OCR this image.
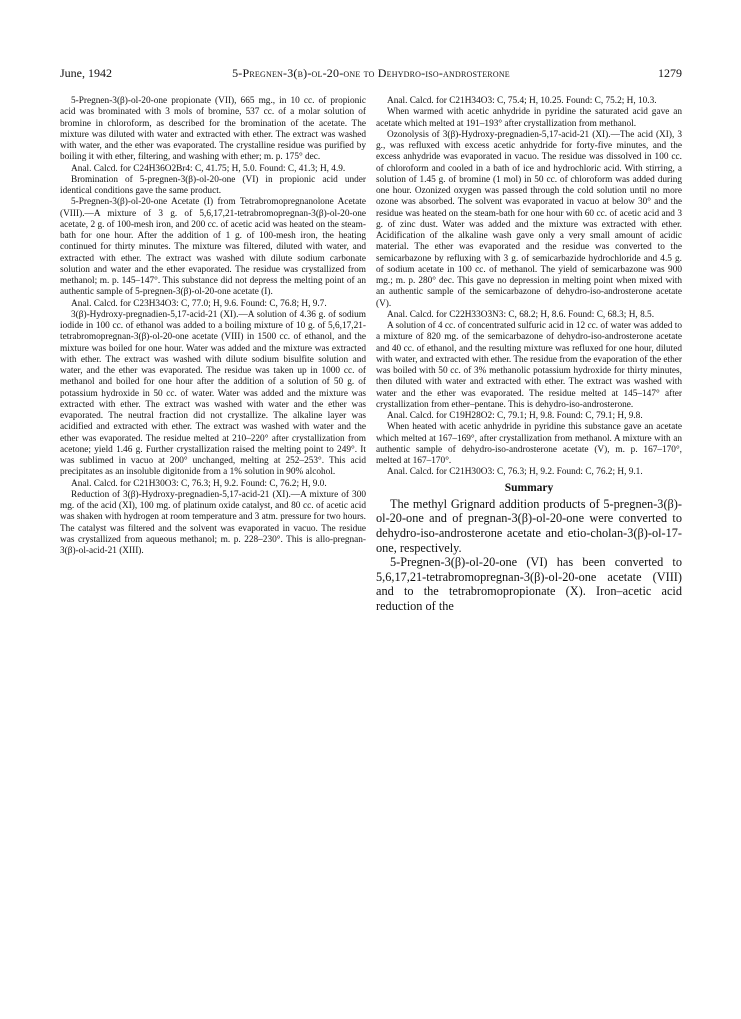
June, 1942	5-Pregnen-3(β)-ol-20-one to Dehydro-iso-androsterone	1279

5-Pregnen-3(β)-ol-20-one propionate (VII), 665 mg., in 10 cc. of propionic acid was brominated with 3 mols of bromine, 537 cc. of a molar solution of bromine in chloroform, as described for the bromination of the acetate. The mixture was diluted with water and extracted with ether. The extract was washed with water, and the ether was evaporated. The crystalline residue was purified by boiling it with ether, filtering, and washing with ether; m. p. 175° dec.

Anal. Calcd. for C24H36O2Br4: C, 41.75; H, 5.0. Found: C, 41.3; H, 4.9.

Bromination of 5-pregnen-3(β)-ol-20-one (VI) in propionic acid under identical conditions gave the same product.

5-Pregnen-3(β)-ol-20-one Acetate (I) from Tetrabromopregnanolone Acetate (VIII).—A mixture of 3 g. of 5,6,17,21-tetrabromopregnan-3(β)-ol-20-one acetate, 2 g. of 100-mesh iron, and 200 cc. of acetic acid was heated on the steam-bath for one hour. After the addition of 1 g. of 100-mesh iron, the heating continued for thirty minutes. The mixture was filtered, diluted with water, and extracted with ether. The extract was washed with dilute sodium carbonate solution and water and the ether evaporated. The residue was crystallized from methanol; m. p. 145–147°. This substance did not depress the melting point of an authentic sample of 5-pregnen-3(β)-ol-20-one acetate (I).

Anal. Calcd. for C23H34O3: C, 77.0; H, 9.6. Found: C, 76.8; H, 9.7.

3(β)-Hydroxy-pregnadien-5,17-acid-21 (XI).—A solution of 4.36 g. of sodium iodide in 100 cc. of ethanol was added to a boiling mixture of 10 g. of 5,6,17,21-tetrabromopregnan-3(β)-ol-20-one acetate (VIII) in 1500 cc. of ethanol, and the mixture was boiled for one hour. Water was added and the mixture was extracted with ether. The extract was washed with dilute sodium bisulfite solution and water, and the ether was evaporated. The residue was taken up in 1000 cc. of methanol and boiled for one hour after the addition of a solution of 50 g. of potassium hydroxide in 50 cc. of water. Water was added and the mixture was extracted with ether. The extract was washed with water and the ether was evaporated. The neutral fraction did not crystallize. The alkaline layer was acidified and extracted with ether. The extract was washed with water and the ether was evaporated. The residue melted at 210–220° after crystallization from acetone; yield 1.46 g. Further crystallization raised the melting point to 249°. It was sublimed in vacuo at 200° unchanged, melting at 252–253°. This acid precipitates as an insoluble digitonide from a 1% solution in 90% alcohol.

Anal. Calcd. for C21H30O3: C, 76.3; H, 9.2. Found: C, 76.2; H, 9.0.

Reduction of 3(β)-Hydroxy-pregnadien-5,17-acid-21 (XI).—A mixture of 300 mg. of the acid (XI), 100 mg. of platinum oxide catalyst, and 80 cc. of acetic acid was shaken with hydrogen at room temperature and 3 atm. pressure for two hours. The catalyst was filtered and the solvent was evaporated in vacuo. The residue was crystallized from aqueous methanol; m. p. 228–230°. This is allo-pregnan-3(β)-ol-acid-21 (XIII).

Anal. Calcd. for C21H34O3: C, 75.4; H, 10.25. Found: C, 75.2; H, 10.3.

When warmed with acetic anhydride in pyridine the saturated acid gave an acetate which melted at 191–193° after crystallization from methanol.

Ozonolysis of 3(β)-Hydroxy-pregnadien-5,17-acid-21 (XI).—The acid (XI), 3 g., was refluxed with excess acetic anhydride for forty-five minutes, and the excess anhydride was evaporated in vacuo. The residue was dissolved in 100 cc. of chloroform and cooled in a bath of ice and hydrochloric acid. With stirring, a solution of 1.45 g. of bromine (1 mol) in 50 cc. of chloroform was added during one hour. Ozonized oxygen was passed through the cold solution until no more ozone was absorbed. The solvent was evaporated in vacuo at below 30° and the residue was heated on the steam-bath for one hour with 60 cc. of acetic acid and 3 g. of zinc dust. Water was added and the mixture was extracted with ether. Acidification of the alkaline wash gave only a very small amount of acidic material. The ether was evaporated and the residue was converted to the semicarbazone by refluxing with 3 g. of semicarbazide hydrochloride and 4.5 g. of sodium acetate in 100 cc. of methanol. The yield of semicarbazone was 900 mg.; m. p. 280° dec. This gave no depression in melting point when mixed with an authentic sample of the semicarbazone of dehydro-iso-androsterone acetate (V).

Anal. Calcd. for C22H33O3N3: C, 68.2; H, 8.6. Found: C, 68.3; H, 8.5.

A solution of 4 cc. of concentrated sulfuric acid in 12 cc. of water was added to a mixture of 820 mg. of the semicarbazone of dehydro-iso-androsterone acetate and 40 cc. of ethanol, and the resulting mixture was refluxed for one hour, diluted with water, and extracted with ether. The residue from the evaporation of the ether was boiled with 50 cc. of 3% methanolic potassium hydroxide for thirty minutes, then diluted with water and extracted with ether. The extract was washed with water and the ether was evaporated. The residue melted at 145–147° after crystallization from ether–pentane. This is dehydro-iso-androsterone.

Anal. Calcd. for C19H28O2: C, 79.1; H, 9.8. Found: C, 79.1; H, 9.8.

When heated with acetic anhydride in pyridine this substance gave an acetate which melted at 167–169°, after crystallization from methanol. A mixture with an authentic sample of dehydro-iso-androsterone acetate (V), m. p. 167–170°, melted at 167–170°.

Anal. Calcd. for C21H30O3: C, 76.3; H, 9.2. Found: C, 76.2; H, 9.1.

Summary

The methyl Grignard addition products of 5-pregnen-3(β)-ol-20-one and of pregnan-3(β)-ol-20-one were converted to dehydro-iso-androsterone acetate and etio-cholan-3(β)-ol-17-one, respectively.

5-Pregnen-3(β)-ol-20-one (VI) has been converted to 5,6,17,21-tetrabromopregnan-3(β)-ol-20-one acetate (VIII) and to the tetrabromopropionate (X). Iron–acetic acid reduction of the
